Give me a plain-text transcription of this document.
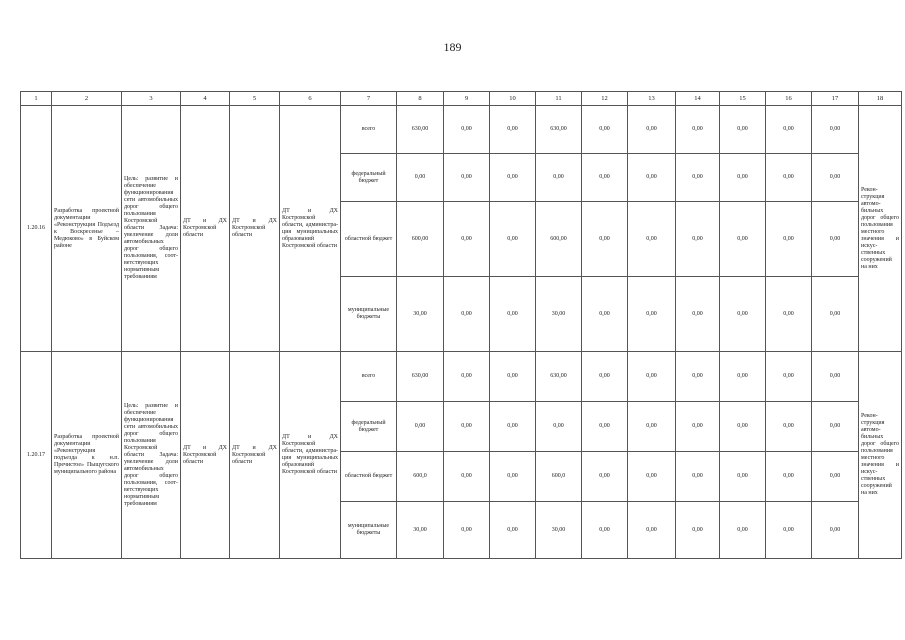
189
1	2	3	4	5	6	7	8	9	10	11	12	13	14	15	16	17	18
1.20.16	Разработка проектной документации «Реконструкция Подъезд к Воскресенье – Медюково» в Буйском районе	Цель: развитие и обеспечение функционирования сети автомобильных дорог общего пользования Костромской области Задача: увеличение доли автомобильных дорог общего пользования, соответствующих нормативным требованиям	ДТ и ДХ Костромской области	ДТ и ДХ Костромской области	ДТ и ДХ Костромской области, администрация муниципальных образований Костромской области	всего	630,00	0,00	0,00	630,00	0,00	0,00	0,00	0,00	0,00	0,00	Реконструкция автомобильных дорог общего пользования местного значения и искусственных сооружений на них
						федеральный бюджет	0,00	0,00	0,00	0,00	0,00	0,00	0,00	0,00	0,00	0,00	
						областной бюджет	600,00	0,00	0,00	600,00	0,00	0,00	0,00	0,00	0,00	0,00	
						муниципальные бюджеты	30,00	0,00	0,00	30,00	0,00	0,00	0,00	0,00	0,00	0,00	
1.20.17	Разработка проектной документации «Реконструкция подъезда к н.п. Пречистое» Пыщугского муниципального района	Цель: развитие и обеспечение функционирования сети автомобильных дорог общего пользования Костромской области Задача: увеличение доли автомобильных дорог общего пользования, соответствующих нормативным требованиям	ДТ и ДХ Костромской области	ДТ и ДХ Костромской области	ДТ и ДХ Костромской области, администрация муниципальных образований Костромской области	всего	630,00	0,00	0,00	630,00	0,00	0,00	0,00	0,00	0,00	0,00	Реконструкция автомобильных дорог общего пользования местного значения и искусственных сооружений на них
						федеральный бюджет	0,00	0,00	0,00	0,00	0,00	0,00	0,00	0,00	0,00	0,00	
						областной бюджет	600,0	0,00	0,00	600,0	0,00	0,00	0,00	0,00	0,00	0,00	
						муниципальные бюджеты	30,00	0,00	0,00	30,00	0,00	0,00	0,00	0,00	0,00	0,00	
